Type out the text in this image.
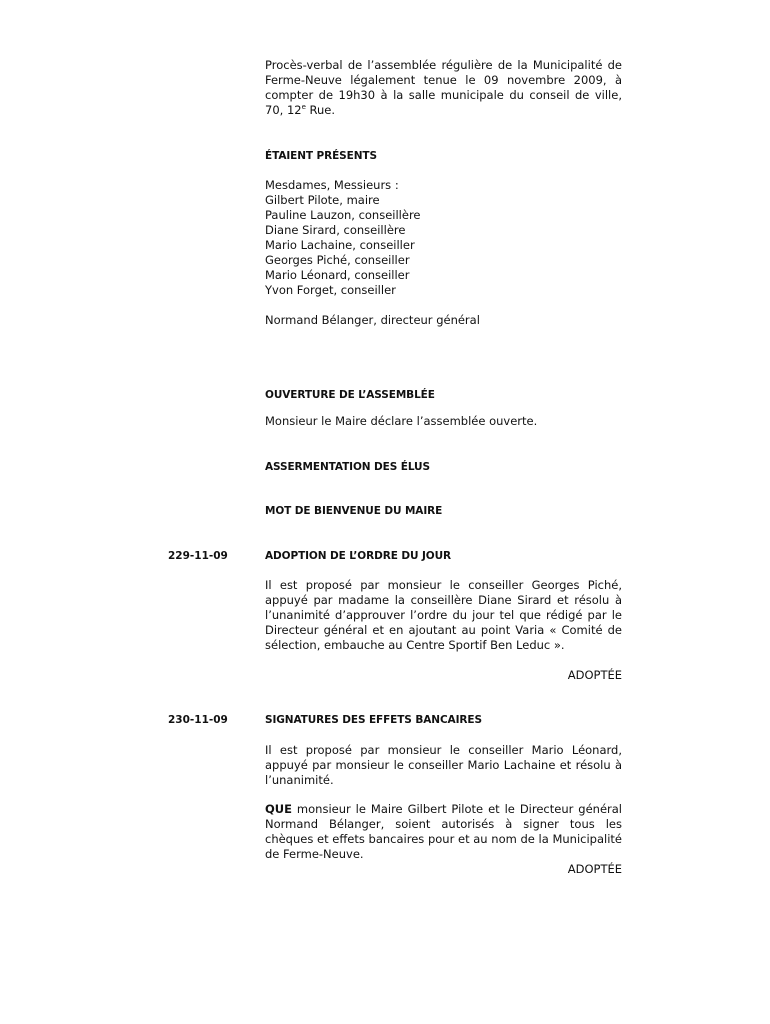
Procès-verbal de l’assemblée régulière de la Municipalité de Ferme-Neuve légalement tenue le 09 novembre 2009, à compter de 19h30 à la salle municipale du conseil de ville, 70, 12e Rue.
ÉTAIENT PRÉSENTS
Mesdames, Messieurs :
Gilbert Pilote, maire
Pauline Lauzon, conseillère
Diane Sirard, conseillère
Mario Lachaine, conseiller
Georges Piché, conseiller
Mario Léonard, conseiller
Yvon Forget, conseiller
Normand Bélanger, directeur général
OUVERTURE DE L’ASSEMBLÉE
Monsieur le Maire déclare l’assemblée ouverte.
ASSERMENTATION DES ÉLUS
MOT DE BIENVENUE DU MAIRE
229-11-09	ADOPTION DE L’ORDRE DU JOUR
Il est proposé par monsieur le conseiller Georges Piché, appuyé par madame la conseillère Diane Sirard et résolu à l’unanimité d’approuver l’ordre du jour tel que rédigé par le Directeur général et en ajoutant au point Varia « Comité de sélection, embauche au Centre Sportif Ben Leduc ».
ADOPTÉE
230-11-09	SIGNATURES DES EFFETS BANCAIRES
Il est proposé par monsieur le conseiller Mario Léonard, appuyé par monsieur le conseiller Mario Lachaine et résolu à l’unanimité.
QUE monsieur le Maire Gilbert Pilote et le Directeur général Normand Bélanger, soient autorisés à signer tous les chèques et effets bancaires pour et au nom de la Municipalité de Ferme-Neuve.
ADOPTÉE
